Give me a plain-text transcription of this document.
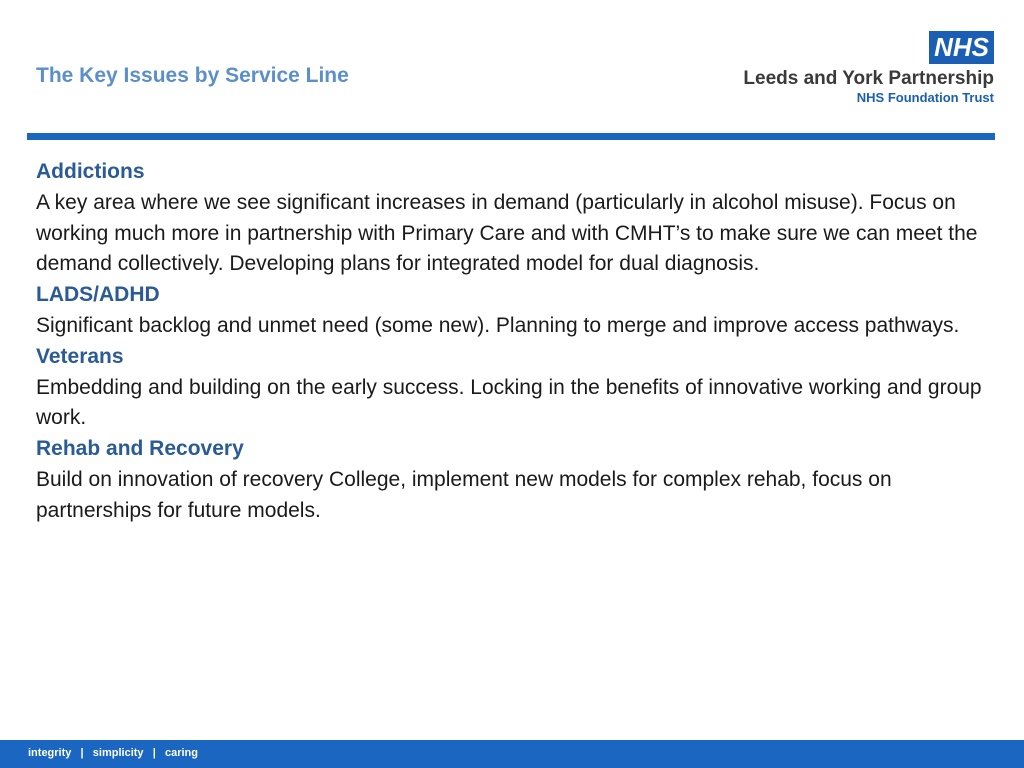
The Key Issues by Service Line
NHS
Leeds and York Partnership
NHS Foundation Trust
Addictions
A key area where we see significant increases in demand (particularly in alcohol misuse). Focus on working much more in partnership with Primary Care and with CMHT’s to make sure we can meet the demand collectively. Developing plans for integrated model for dual diagnosis.
LADS/ADHD
Significant backlog and unmet need (some new). Planning to merge and improve access pathways.
Veterans
Embedding and building on the early success. Locking in the benefits of innovative working and group work.
Rehab and Recovery
Build on innovation of recovery College, implement new models for complex rehab, focus on partnerships for future models.
integrity   |   simplicity   |   caring
